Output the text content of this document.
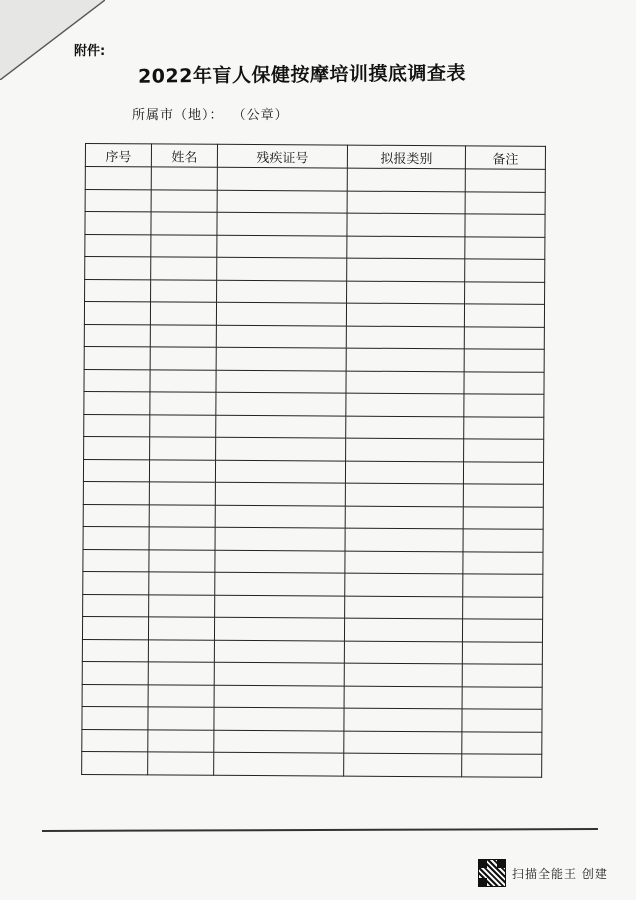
附件:
2022年盲人保健按摩培训摸底调查表
所属市（地）： （公章）
序号	姓名	残疾证号	拟报类别	备注

扫描全能王 创建
